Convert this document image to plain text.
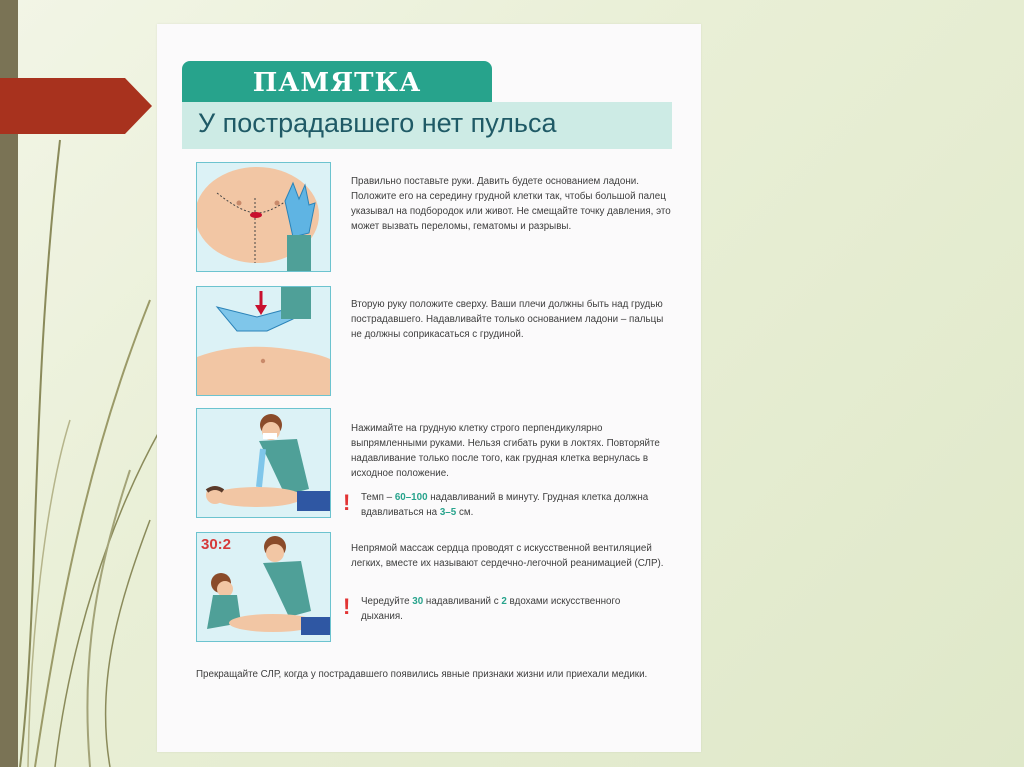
ПАМЯТКА
У пострадавшего нет пульса
Правильно поставьте руки. Давить будете основанием ладони. Положите его на середину грудной клетки так, чтобы большой палец указывал на подбородок или живот. Не смещайте точку давления, это может вызвать переломы, гематомы и разрывы.
Вторую руку положите сверху. Ваши плечи должны быть над грудью пострадавшего. Надавливайте только основанием ладони – пальцы не должны соприкасаться с грудиной.
Нажимайте на грудную клетку строго перпендикулярно выпрямленными руками. Нельзя сгибать руки в локтях. Повторяйте надавливание только после того, как грудная клетка вернулась в исходное положение.
! Темп – 60–100 надавливаний в минуту. Грудная клетка должна вдавливаться на 3–5 см.
30:2	Непрямой массаж сердца проводят с искусственной вентиляцией легких, вместе их называют сердечно-легочной реанимацией (СЛР).
! Чередуйте 30 надавливаний с 2 вдохами искусственного дыхания.
Прекращайте СЛР, когда у пострадавшего появились явные признаки жизни или приехали медики.
